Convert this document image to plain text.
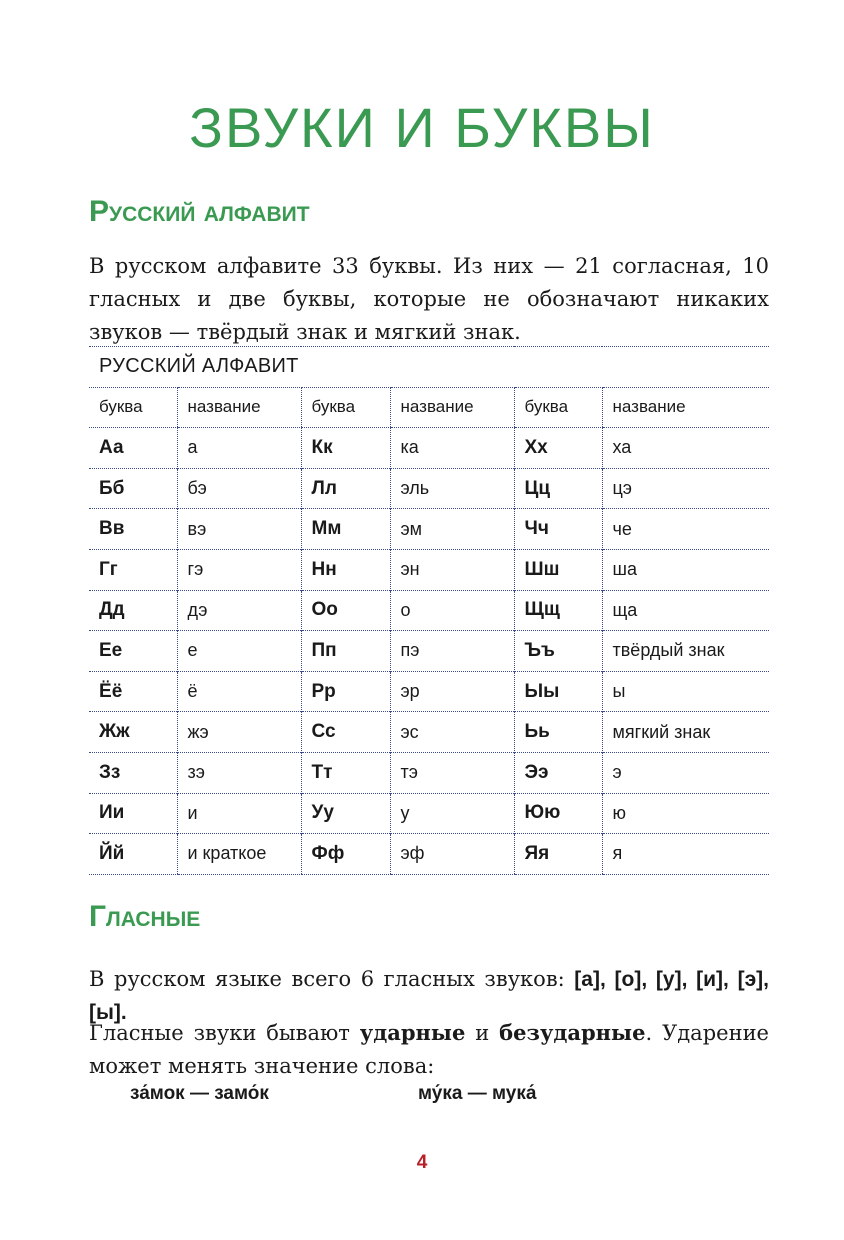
ЗВУКИ И БУКВЫ
Русский алфавит
В русском алфавите 33 буквы. Из них — 21 согласная, 10 гласных и две буквы, которые не обозначают никаких звуков — твёрдый знак и мягкий знак.
РУССКИЙ АЛФАВИТ					
буква	название	буква	название	буква	название
Аа	а	Кк	ка	Хх	ха
Бб	бэ	Лл	эль	Цц	цэ
Вв	вэ	Мм	эм	Чч	че
Гг	гэ	Нн	эн	Шш	ша
Дд	дэ	Оо	о	Щщ	ща
Ее	е	Пп	пэ	Ъъ	твёрдый знак
Ёё	ё	Рр	эр	Ыы	ы
Жж	жэ	Сс	эс	Ьь	мягкий знак
Зз	зэ	Тт	тэ	Ээ	э
Ии	и	Уу	у	Юю	ю
Йй	и краткое	Фф	эф	Яя	я
Гласные
В русском языке всего 6 гласных звуков: [а], [о], [у], [и], [э], [ы].
Гласные звуки бывают ударные и безударные. Ударение может менять значение слова:
за́мок — замо́к	му́ка — мука́
4
